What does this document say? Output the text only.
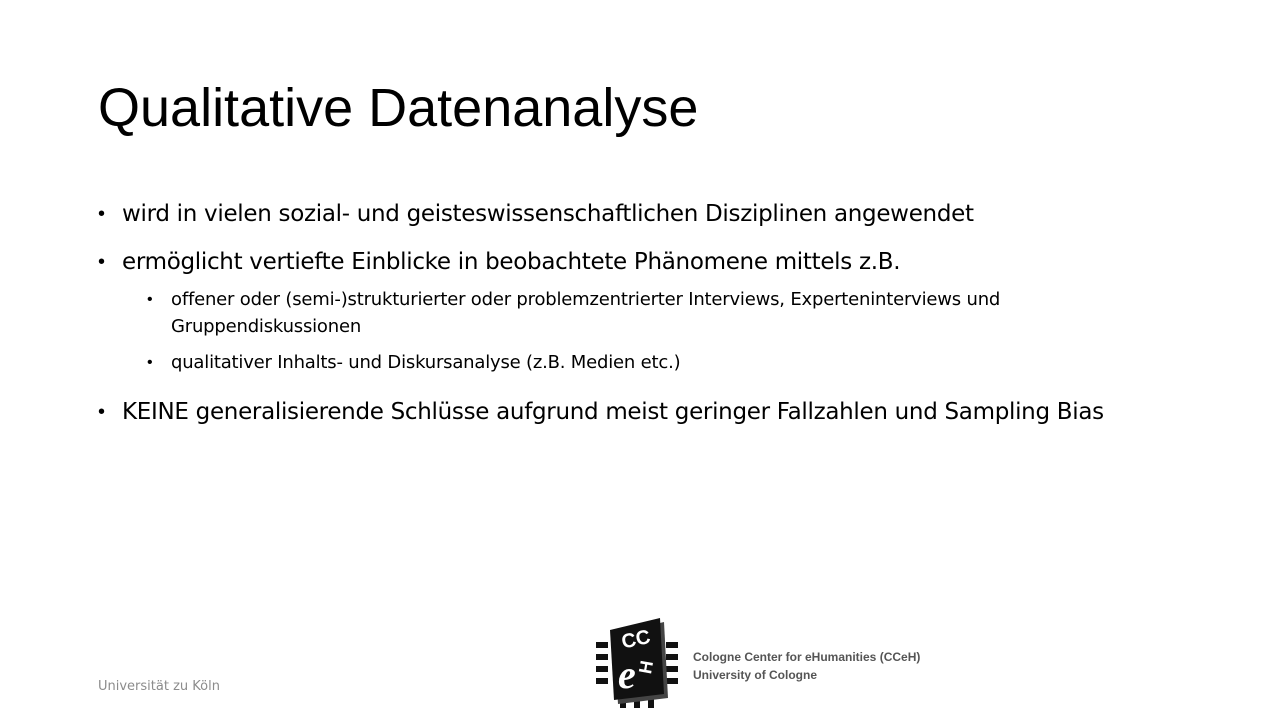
Qualitative Datenanalyse
• wird in vielen sozial- und geisteswissenschaftlichen Disziplinen angewendet
• ermöglicht vertiefte Einblicke in beobachtete Phänomene mittels z.B.
• offener oder (semi-)strukturierter oder problemzentrierter Interviews, Experteninterviews und Gruppendiskussionen
• qualitativer Inhalts- und Diskursanalyse (z.B. Medien etc.)
• KEINE generalisierende Schlüsse aufgrund meist geringer Fallzahlen und Sampling Bias
Universität zu Köln
CC
e H
Cologne Center for eHumanities (CCeH)
University of Cologne
